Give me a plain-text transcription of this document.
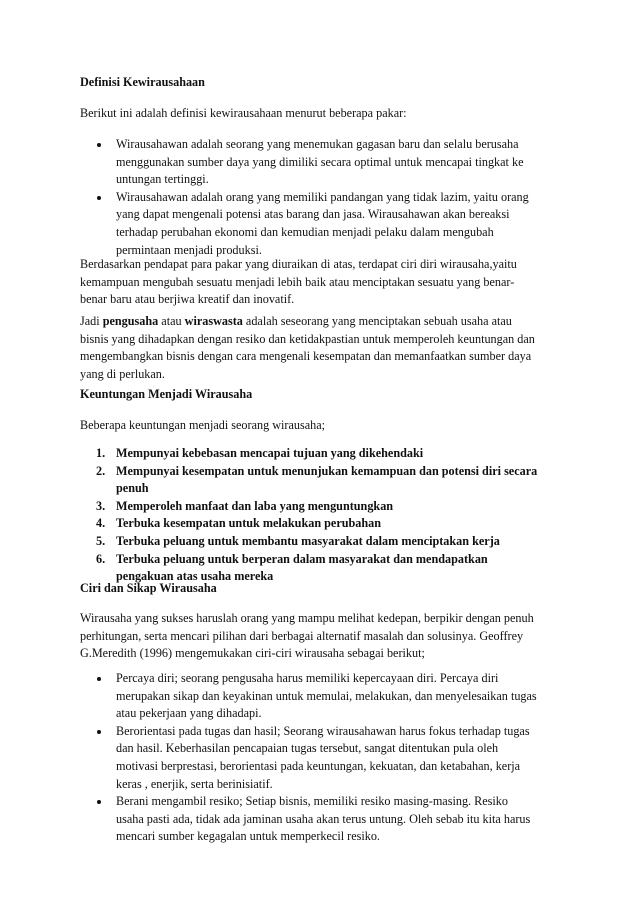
Definisi Kewirausahaan
Berikut ini adalah definisi kewirausahaan menurut beberapa pakar:
Wirausahawan adalah seorang yang menemukan gagasan baru dan selalu berusaha
menggunakan sumber daya yang dimiliki secara optimal untuk mencapai tingkat ke
untungan tertinggi.
Wirausahawan adalah orang yang memiliki pandangan yang tidak lazim, yaitu orang
yang dapat mengenali potensi atas barang dan jasa. Wirausahawan akan bereaksi
terhadap perubahan ekonomi dan kemudian menjadi pelaku dalam mengubah
permintaan menjadi produksi.
Berdasarkan pendapat para pakar yang diuraikan di atas, terdapat ciri diri wirausaha,yaitu
kemampuan mengubah sesuatu menjadi lebih baik atau menciptakan sesuatu yang benar-
benar baru atau berjiwa kreatif dan inovatif.
Jadi pengusaha atau wiraswasta adalah seseorang yang menciptakan sebuah usaha atau
bisnis yang dihadapkan dengan resiko dan ketidakpastian untuk memperoleh keuntungan dan
mengembangkan bisnis dengan cara mengenali kesempatan dan memanfaatkan sumber daya
yang di perlukan.
Keuntungan Menjadi Wirausaha
Beberapa keuntungan menjadi seorang wirausaha;
1. Mempunyai kebebasan mencapai tujuan yang dikehendaki
2. Mempunyai kesempatan untuk menunjukan kemampuan dan potensi diri secara
penuh
3. Memperoleh manfaat dan laba yang menguntungkan
4. Terbuka kesempatan untuk melakukan perubahan
5. Terbuka peluang untuk membantu masyarakat dalam menciptakan kerja
6. Terbuka peluang untuk berperan dalam masyarakat dan mendapatkan
pengakuan atas usaha mereka
Ciri dan Sikap Wirausaha
Wirausaha yang sukses haruslah orang yang mampu melihat kedepan, berpikir dengan penuh
perhitungan, serta mencari pilihan dari berbagai alternatif masalah dan solusinya. Geoffrey
G.Meredith (1996) mengemukakan ciri-ciri wirausaha sebagai berikut;
Percaya diri; seorang pengusaha harus memiliki kepercayaan diri. Percaya diri
merupakan sikap dan keyakinan untuk memulai, melakukan, dan menyelesaikan tugas
atau pekerjaan yang dihadapi.
Berorientasi pada tugas dan hasil; Seorang wirausahawan harus fokus terhadap tugas
dan hasil. Keberhasilan pencapaian tugas tersebut, sangat ditentukan pula oleh
motivasi berprestasi, berorientasi pada keuntungan, kekuatan, dan ketabahan, kerja
keras , enerjik, serta berinisiatif.
Berani mengambil resiko; Setiap bisnis, memiliki resiko masing-masing. Resiko
usaha pasti ada, tidak ada jaminan usaha akan terus untung. Oleh sebab itu kita harus
mencari sumber kegagalan untuk memperkecil resiko.
